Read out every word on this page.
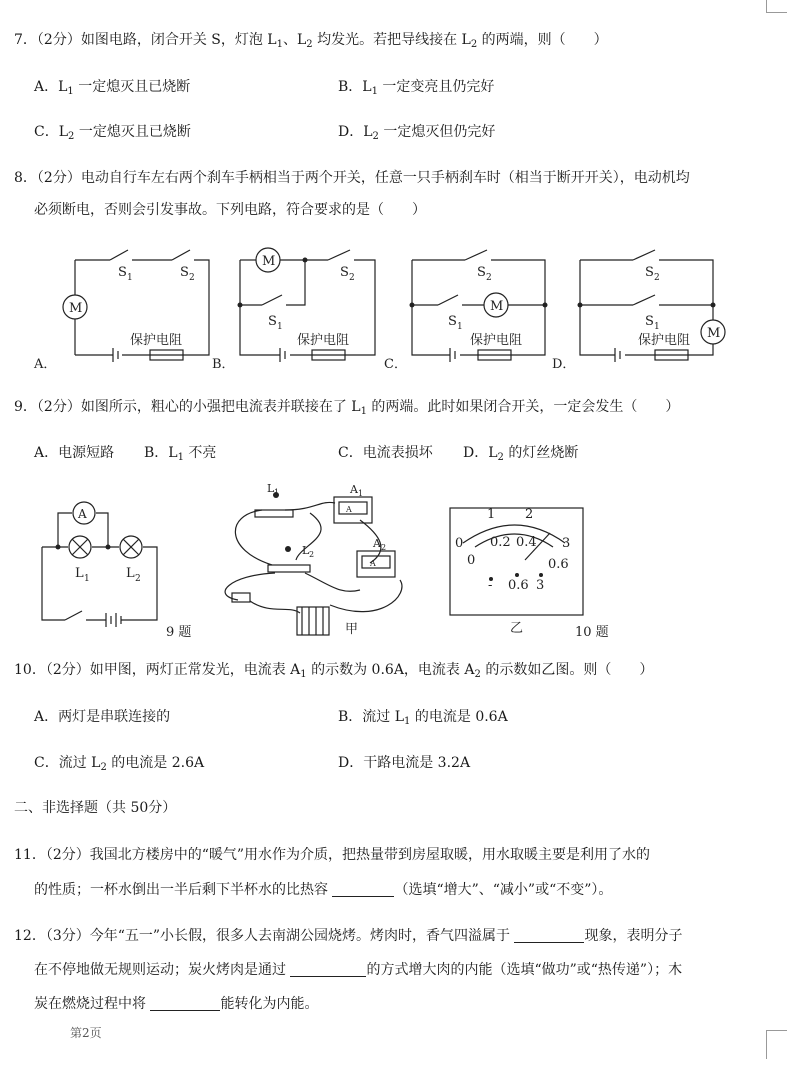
7．（2分）如图电路，闭合开关 S，灯泡 $L_1$、$L_2$ 均发光。若把导线接在 $L_2$ 的两端，则（　　）
A．$L_1$ 一定熄灭且已烧断	B．$L_1$ 一定变亮且仍完好
C．$L_2$ 一定熄灭且已烧断	D．$L_2$ 一定熄灭但仍完好
8．（2分）电动自行车左右两个刹车手柄相当于两个开关，任意一只手柄刹车时（相当于断开开关），电动机均
必须断电，否则会引发事故。下列电路，符合要求的是（　　）
M
M
M
M
S 1	S 2	S 2
S 1
S 2
S 1
S 2
S 1
保护电阻	保护电阻	保护电阻	保护电阻
A．	B．	C．	D．
9．（2分）如图所示，粗心的小强把电流表并联接在了 $L_1$ 的两端。此时如果闭合开关，一定会发生（　　）
A．电源短路 B．$L_1$ 不亮	C．电流表损坏 D．$L_2$ 的灯丝烧断
A
L 1	L 2
9 题
L 1	A 1
L 2
A 2
A
A
甲
0
1 2
3
0
0.2 0.4
0.6
- 0.6 3
乙	10 题
10．（2分）如甲图，两灯正常发光，电流表 $A_1$ 的示数为 0.6A，电流表 $A_2$ 的示数如乙图。则（　　）
A．两灯是串联连接的	B．流过 $L_1$ 的电流是 0.6A
C．流过 $L_2$ 的电流是 2.6A	D．干路电流是 3.2A
二、非选择题（共 50分）
11．（2分）我国北方楼房中的“暖气”用水作为介质，把热量带到房屋取暖，用水取暖主要是利用了水的
的性质；一杯水倒出一半后剩下半杯水的比热容	（选填“增大”、“减小”或“不变”）。
12．（3分）今年“五一”小长假，很多人去南湖公园烧烤。烤肉时，香气四溢属于	现象，表明分子
在不停地做无规则运动；炭火烤肉是通过	的方式增大肉的内能（选填“做功”或“热传递”）；木
炭在燃烧过程中将	能转化为内能。
第2页
